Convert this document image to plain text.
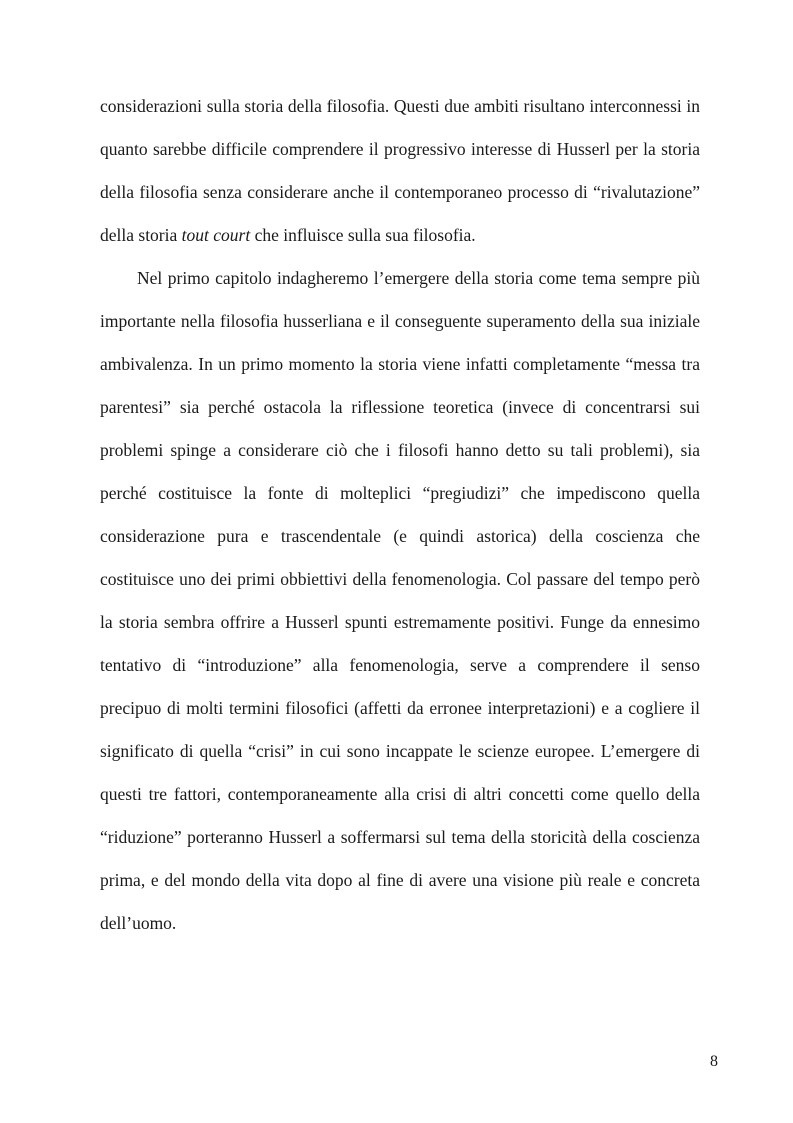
considerazioni sulla storia della filosofia. Questi due ambiti risultano interconnessi in quanto sarebbe difficile comprendere il progressivo interesse di Husserl per la storia della filosofia senza considerare anche il contemporaneo processo di “rivalutazione” della storia tout court che influisce sulla sua filosofia.

Nel primo capitolo indagheremo l’emergere della storia come tema sempre più importante nella filosofia husserliana e il conseguente superamento della sua iniziale ambivalenza. In un primo momento la storia viene infatti completamente “messa tra parentesi” sia perché ostacola la riflessione teoretica (invece di concentrarsi sui problemi spinge a considerare ciò che i filosofi hanno detto su tali problemi), sia perché costituisce la fonte di molteplici “pregiudizi” che impediscono quella considerazione pura e trascendentale (e quindi astorica) della coscienza che costituisce uno dei primi obbiettivi della fenomenologia. Col passare del tempo però la storia sembra offrire a Husserl spunti estremamente positivi. Funge da ennesimo tentativo di “introduzione” alla fenomenologia, serve a comprendere il senso precipuo di molti termini filosofici (affetti da erronee interpretazioni) e a cogliere il significato di quella “crisi” in cui sono incappate le scienze europee. L’emergere di questi tre fattori, contemporaneamente alla crisi di altri concetti come quello della “riduzione” porteranno Husserl a soffermarsi sul tema della storicità della coscienza prima, e del mondo della vita dopo al fine di avere una visione più reale e concreta dell’uomo.

8
